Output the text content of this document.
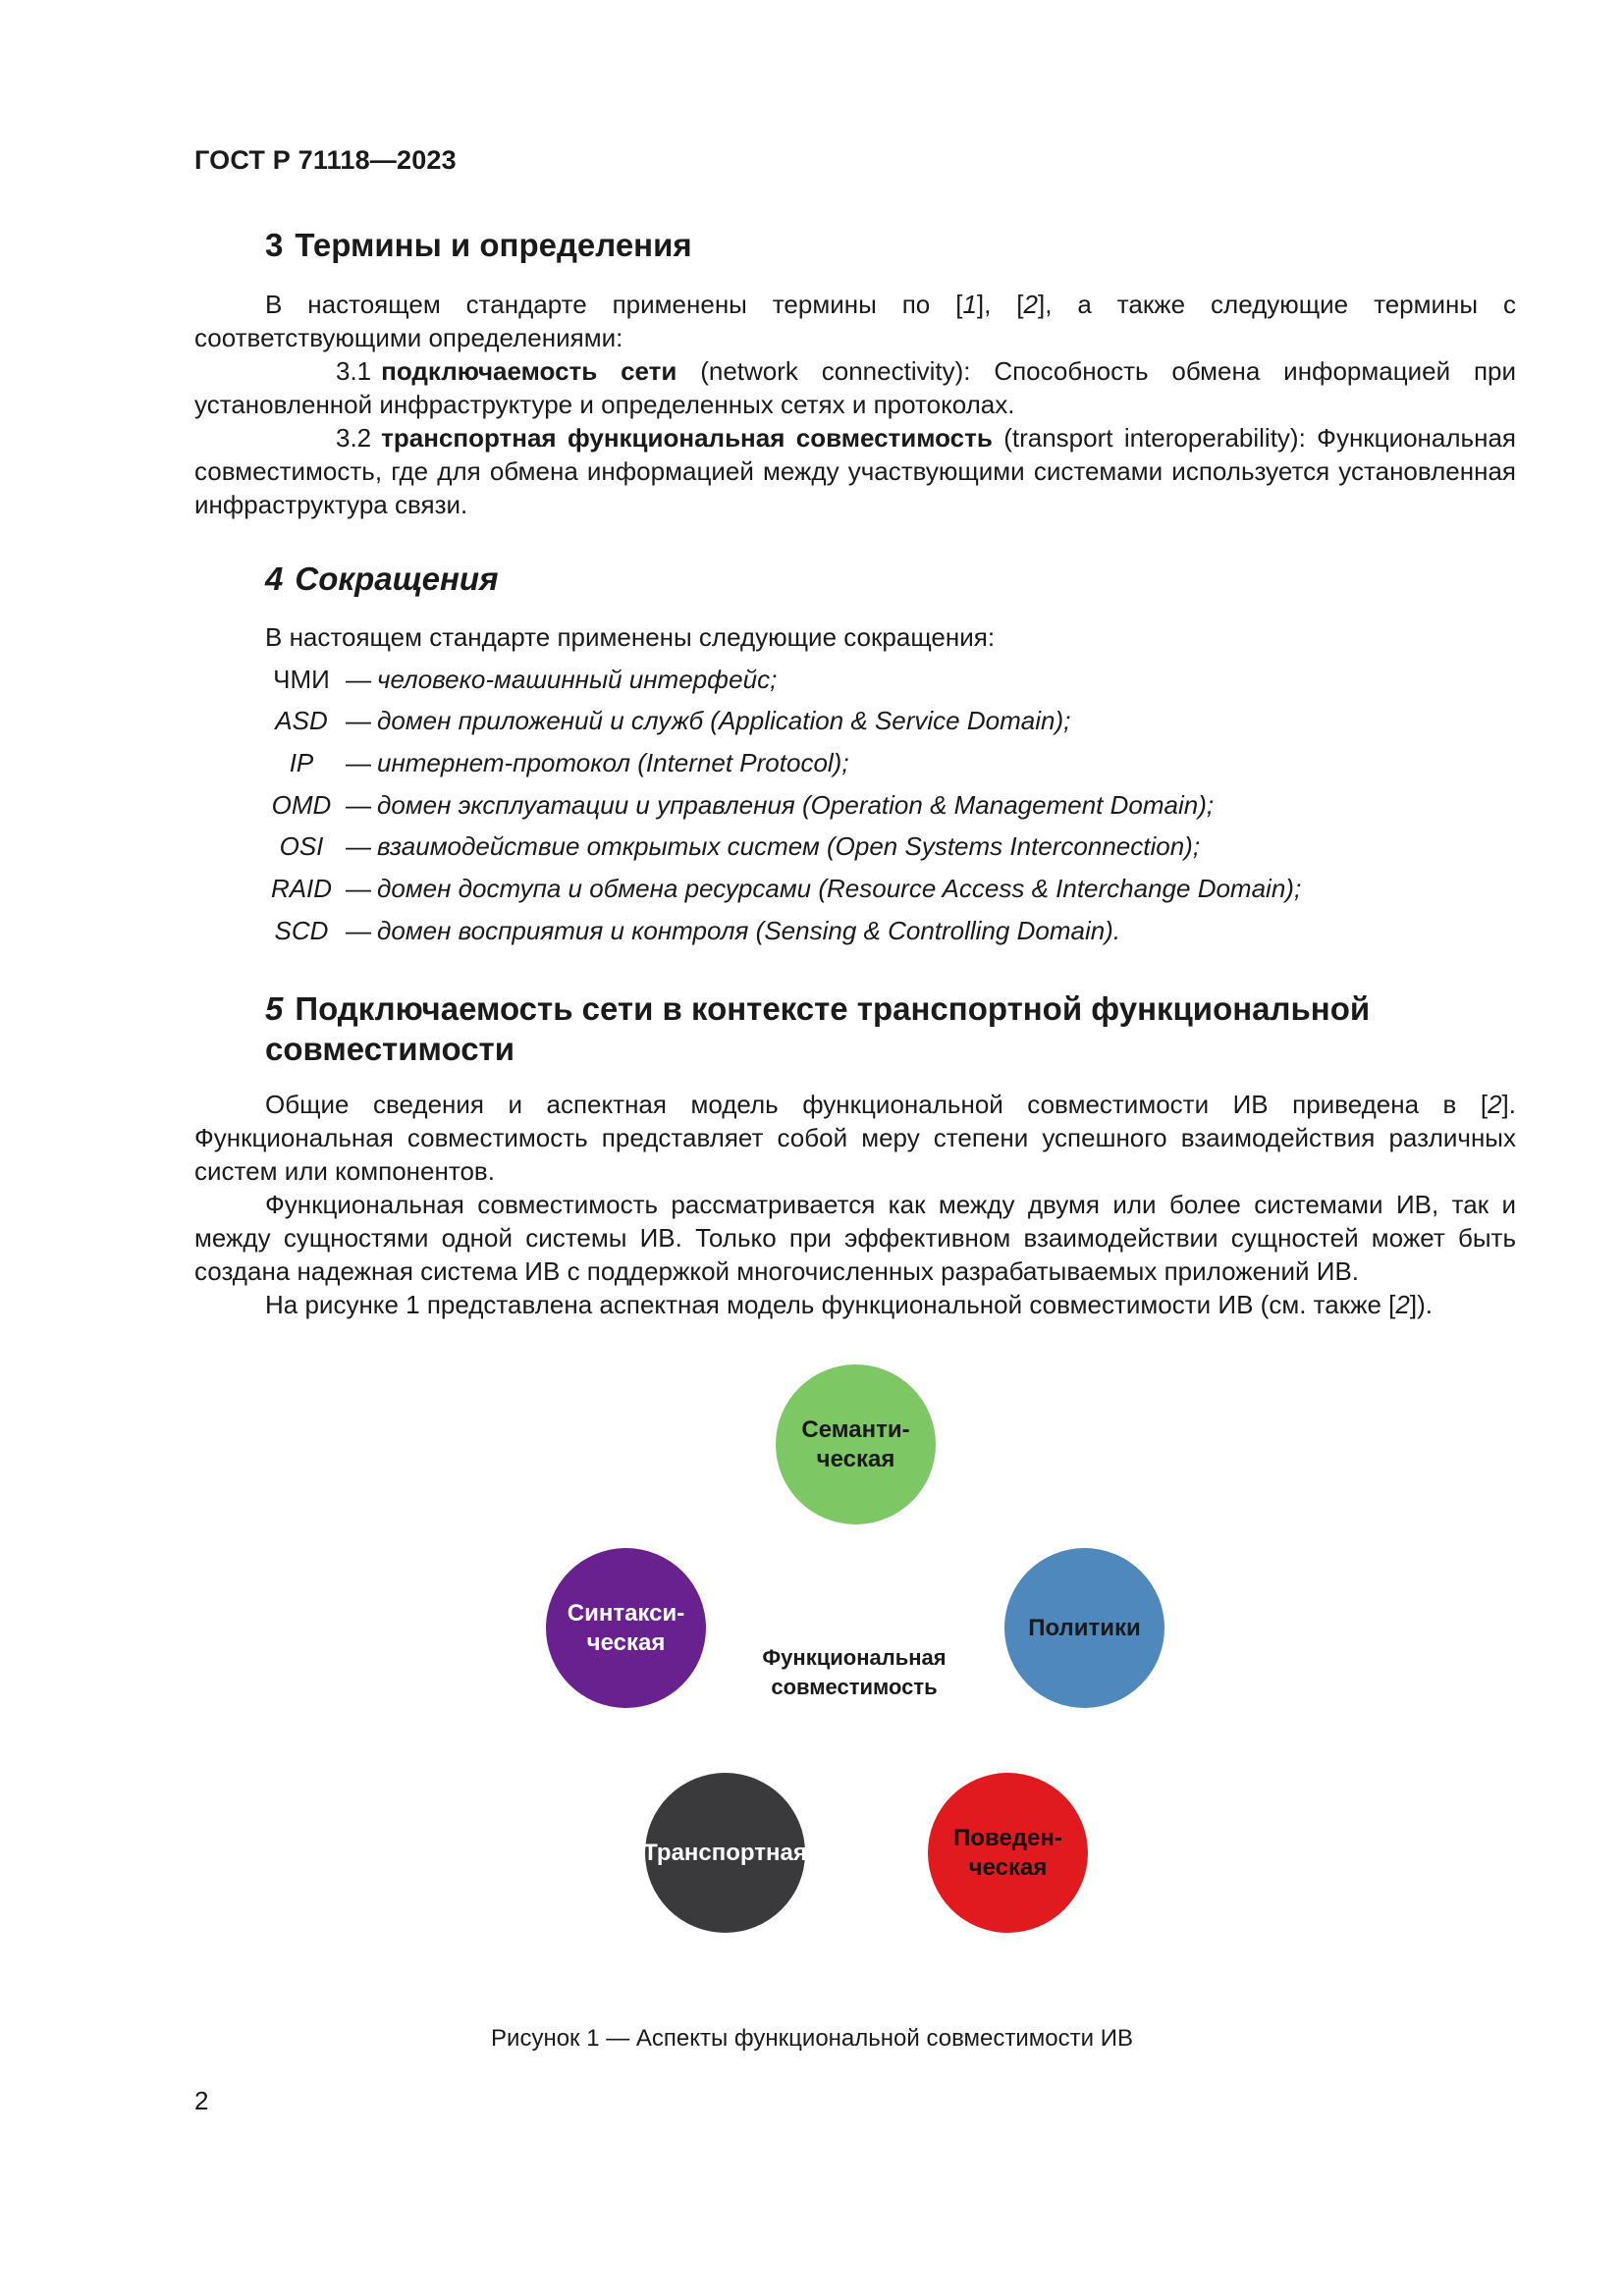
ГОСТ Р 71118—2023
3 Термины и определения

В настоящем стандарте применены термины по [1], [2], а также следующие термины с соответствующими определениями:

3.1 подключаемость сети (network connectivity): Способность обмена информацией при установленной инфраструктуре и определенных сетях и протоколах.

3.2 транспортная функциональная совместимость (transport interoperability): Функциональная совместимость, где для обмена информацией между участвующими системами используется установленная инфраструктура связи.

4 Сокращения

В настоящем стандарте применены следующие сокращения:

ЧМИ — человеко-машинный интерфейс;
ASD — домен приложений и служб (Application & Service Domain);
IP — интернет-протокол (Internet Protocol);
OMD — домен эксплуатации и управления (Operation & Management Domain);
OSI — взаимодействие открытых систем (Open Systems Interconnection);
RAID — домен доступа и обмена ресурсами (Resource Access & Interchange Domain);
SCD — домен восприятия и контроля (Sensing & Controlling Domain).
5 Подключаемость сети в контексте транспортной функциональной
совместимости

Общие сведения и аспектная модель функциональной совместимости ИВ приведена в [2]. Функциональная совместимость представляет собой меру степени успешного взаимодействия различных систем или компонентов.

Функциональная совместимость рассматривается как между двумя или более системами ИВ, так и между сущностями одной системы ИВ. Только при эффективном взаимодействии сущностей может быть создана надежная система ИВ с поддержкой многочисленных разрабатываемых приложений ИВ.

На рисунке 1 представлена аспектная модель функциональной совместимости ИВ (см. также [2]).

Семанти-
ческая
Политики
Поведен-
ческая
Транспортная
Синтакси-
ческая
Функциональная
совместимость
Рисунок 1 — Аспекты функциональной совместимости ИВ
2
